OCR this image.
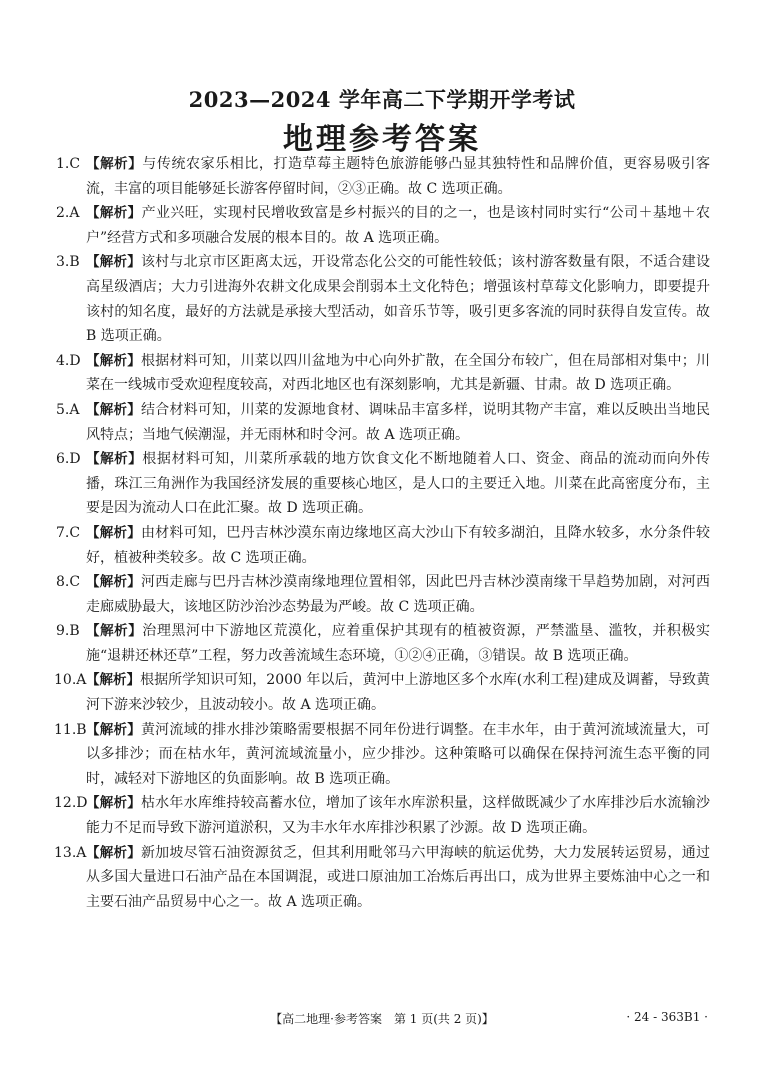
2023—2024 学年高二下学期开学考试
地理参考答案
1.C 【解析】与传统农家乐相比，打造草莓主题特色旅游能够凸显其独特性和品牌价值，更容易吸引客流，丰富的项目能够延长游客停留时间，②③正确。故 C 选项正确。
2.A 【解析】产业兴旺，实现村民增收致富是乡村振兴的目的之一，也是该村同时实行“公司＋基地＋农户”经营方式和多项融合发展的根本目的。故 A 选项正确。
3.B 【解析】该村与北京市区距离太远，开设常态化公交的可能性较低；该村游客数量有限，不适合建设高星级酒店；大力引进海外农耕文化成果会削弱本土文化特色；增强该村草莓文化影响力，即要提升该村的知名度，最好的方法就是承接大型活动，如音乐节等，吸引更多客流的同时获得自发宣传。故 B 选项正确。
4.D 【解析】根据材料可知，川菜以四川盆地为中心向外扩散，在全国分布较广，但在局部相对集中；川菜在一线城市受欢迎程度较高，对西北地区也有深刻影响，尤其是新疆、甘肃。故 D 选项正确。
5.A 【解析】结合材料可知，川菜的发源地食材、调味品丰富多样，说明其物产丰富，难以反映出当地民风特点；当地气候潮湿，并无雨林和时令河。故 A 选项正确。
6.D 【解析】根据材料可知，川菜所承载的地方饮食文化不断地随着人口、资金、商品的流动而向外传播，珠江三角洲作为我国经济发展的重要核心地区，是人口的主要迁入地。川菜在此高密度分布，主要是因为流动人口在此汇聚。故 D 选项正确。
7.C 【解析】由材料可知，巴丹吉林沙漠东南边缘地区高大沙山下有较多湖泊，且降水较多，水分条件较好，植被种类较多。故 C 选项正确。
8.C 【解析】河西走廊与巴丹吉林沙漠南缘地理位置相邻，因此巴丹吉林沙漠南缘干旱趋势加剧，对河西走廊威胁最大，该地区防沙治沙态势最为严峻。故 C 选项正确。
9.B 【解析】治理黑河中下游地区荒漠化，应着重保护其现有的植被资源，严禁滥垦、滥牧，并积极实施“退耕还林还草”工程，努力改善流域生态环境，①②④正确，③错误。故 B 选项正确。
10.A 【解析】根据所学知识可知，2000 年以后，黄河中上游地区多个水库(水利工程)建成及调蓄，导致黄河下游来沙较少，且波动较小。故 A 选项正确。
11.B 【解析】黄河流域的排水排沙策略需要根据不同年份进行调整。在丰水年，由于黄河流域流量大，可以多排沙；而在枯水年，黄河流域流量小，应少排沙。这种策略可以确保在保持河流生态平衡的同时，减轻对下游地区的负面影响。故 B 选项正确。
12.D
【解析】枯水年水库维持较高蓄水位，增加了该年水库淤积量，这样做既减少了水库排沙后水流输沙能力不足而导致下游河道淤积，又为丰水年水库排沙积累了沙源。故 D 选项正确。
13.A 【解析】新加坡尽管石油资源贫乏，但其利用毗邻马六甲海峡的航运优势，大力发展转运贸易，通过从多国大量进口石油产品在本国调混，或进口原油加工冶炼后再出口，成为世界主要炼油中心之一和主要石油产品贸易中心之一。故 A 选项正确。
【高二地理·参考答案　第 1 页(共 2 页)】	· 24 - 363B1 ·
